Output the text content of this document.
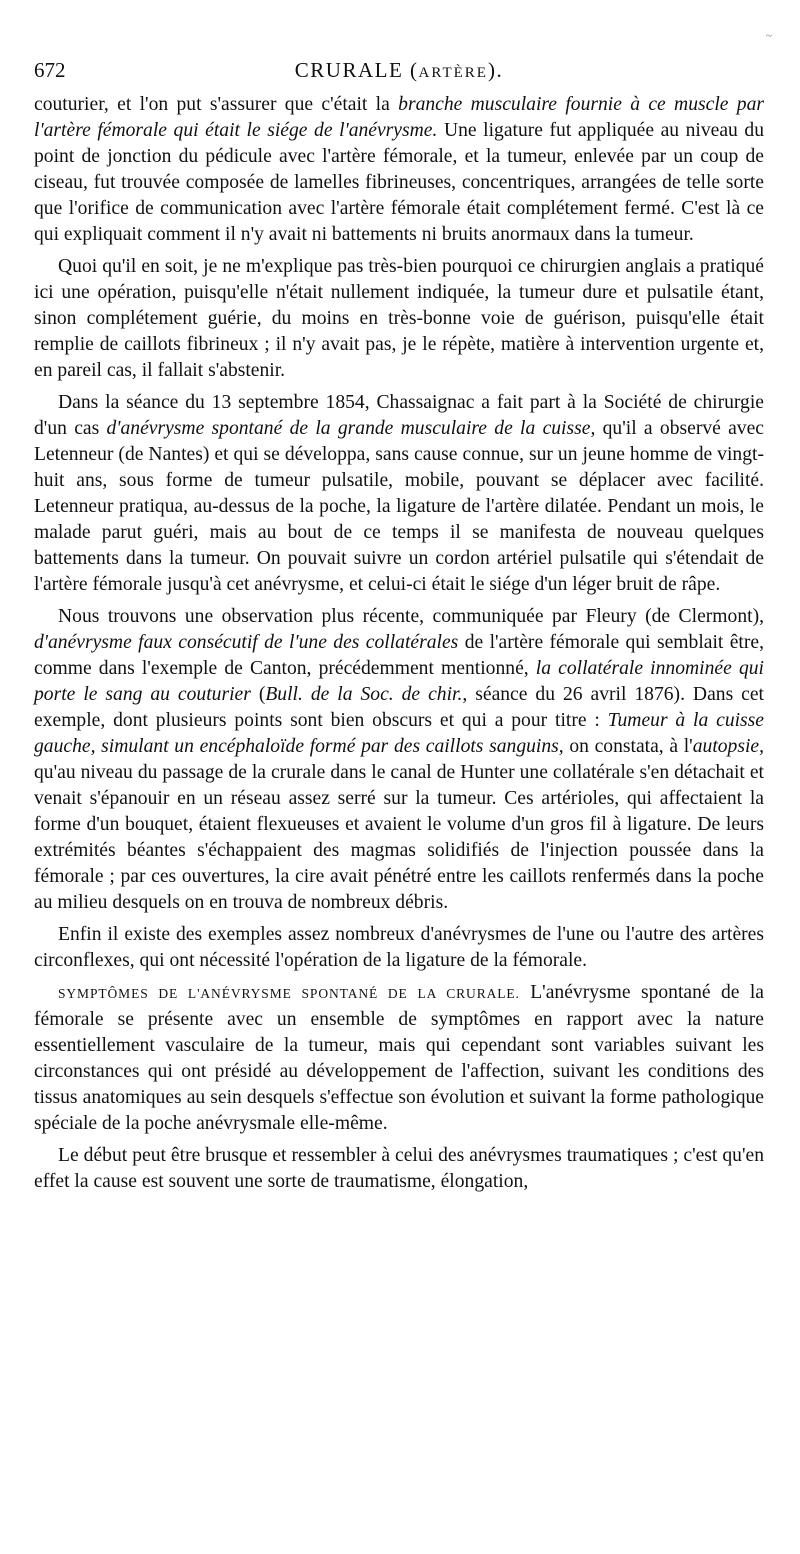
672	CRURALE (ARTÈRE).
~

couturier, et l'on put s'assurer que c'était la branche musculaire fournie à ce muscle par l'artère fémorale qui était le siége de l'anévrysme. Une ligature fut appliquée au niveau du point de jonction du pédicule avec l'artère fémorale, et la tumeur, enlevée par un coup de ciseau, fut trouvée composée de lamelles fibrineuses, concentriques, arrangées de telle sorte que l'orifice de communication avec l'artère fémorale était complétement fermé. C'est là ce qui expliquait comment il n'y avait ni battements ni bruits anormaux dans la tumeur.

Quoi qu'il en soit, je ne m'explique pas très-bien pourquoi ce chirurgien anglais a pratiqué ici une opération, puisqu'elle n'était nullement indiquée, la tumeur dure et pulsatile étant, sinon complétement guérie, du moins en très-bonne voie de guérison, puisqu'elle était remplie de caillots fibrineux ; il n'y avait pas, je le répète, matière à intervention urgente et, en pareil cas, il fallait s'abstenir.

Dans la séance du 13 septembre 1854, Chassaignac a fait part à la Société de chirurgie d'un cas d'anévrysme spontané de la grande musculaire de la cuisse, qu'il a observé avec Letenneur (de Nantes) et qui se développa, sans cause connue, sur un jeune homme de vingt-huit ans, sous forme de tumeur pulsatile, mobile, pouvant se déplacer avec facilité. Letenneur pratiqua, au-dessus de la poche, la ligature de l'artère dilatée. Pendant un mois, le malade parut guéri, mais au bout de ce temps il se manifesta de nouveau quelques battements dans la tumeur. On pouvait suivre un cordon artériel pulsatile qui s'étendait de l'artère fémorale jusqu'à cet anévrysme, et celui-ci était le siége d'un léger bruit de râpe.

Nous trouvons une observation plus récente, communiquée par Fleury (de Clermont), d'anévrysme faux consécutif de l'une des collatérales de l'artère fémorale qui semblait être, comme dans l'exemple de Canton, précédemment mentionné, la collatérale innominée qui porte le sang au couturier (Bull. de la Soc. de chir., séance du 26 avril 1876). Dans cet exemple, dont plusieurs points sont bien obscurs et qui a pour titre : Tumeur à la cuisse gauche, simulant un encéphaloïde formé par des caillots sanguins, on constata, à l'autopsie, qu'au niveau du passage de la crurale dans le canal de Hunter une collatérale s'en détachait et venait s'épanouir en un réseau assez serré sur la tumeur. Ces artérioles, qui affectaient la forme d'un bouquet, étaient flexueuses et avaient le volume d'un gros fil à ligature. De leurs extrémités béantes s'échappaient des magmas solidifiés de l'injection poussée dans la fémorale ; par ces ouvertures, la cire avait pénétré entre les caillots renfermés dans la poche au milieu desquels on en trouva de nombreux débris.

Enfin il existe des exemples assez nombreux d'anévrysmes de l'une ou l'autre des artères circonflexes, qui ont nécessité l'opération de la ligature de la fémorale.

SYMPTÔMES DE L'ANÉVRYSME SPONTANÉ DE LA CRURALE. L'anévrysme spontané de la fémorale se présente avec un ensemble de symptômes en rapport avec la nature essentiellement vasculaire de la tumeur, mais qui cependant sont variables suivant les circonstances qui ont présidé au développement de l'affection, suivant les conditions des tissus anatomiques au sein desquels s'effectue son évolution et suivant la forme pathologique spéciale de la poche anévrysmale elle-même.

Le début peut être brusque et ressembler à celui des anévrysmes traumatiques ; c'est qu'en effet la cause est souvent une sorte de traumatisme, élongation,
